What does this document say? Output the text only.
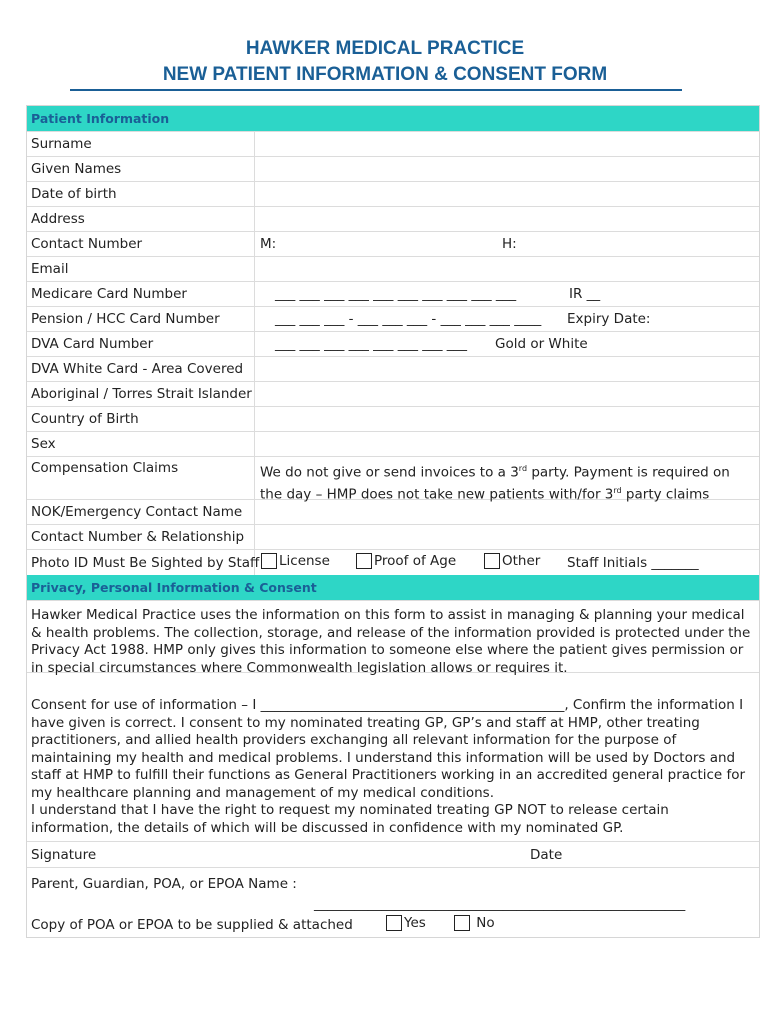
HAWKER MEDICAL PRACTICE
NEW PATIENT INFORMATION & CONSENT FORM
Patient Information
Surname
Given Names
Date of birth
Address
Contact Number	M:	H:
Email
Medicare Card Number	___ ___ ___ ___ ___ ___ ___ ___ ___ ___	IR __
Pension / HCC Card Number	___ ___ ___ - ___ ___ ___ - ___ ___ ___ ____ Expiry Date:
DVA Card Number	___ ___ ___ ___ ___ ___ ___ ___ Gold or White
DVA White Card - Area Covered
Aboriginal / Torres Strait Islander
Country of Birth
Sex
Compensation Claims	We do not give or send invoices to a 3rd party. Payment is required on the day – HMP does not take new patients with/for 3rd party claims
NOK/Emergency Contact Name
Contact Number & Relationship
Photo ID Must Be Sighted by Staff	License	Proof of Age	Other Staff Initials _______
Privacy, Personal Information & Consent
Hawker Medical Practice uses the information on this form to assist in managing & planning your medical & health problems. The collection, storage, and release of the information provided is protected under the Privacy Act 1988. HMP only gives this information to someone else where the patient gives permission or in special circumstances where Commonwealth legislation allows or requires it.
Consent for use of information – I _____________________________________________, Confirm the information I have given is correct. I consent to my nominated treating GP, GP’s and staff at HMP, other treating practitioners, and allied health providers exchanging all relevant information for the purpose of maintaining my health and medical problems. I understand this information will be used by Doctors and staff at HMP to fulfill their functions as General Practitioners working in an accredited general practice for my healthcare planning and management of my medical conditions.
I understand that I have the right to request my nominated treating GP NOT to release certain information, the details of which will be discussed in confidence with my nominated GP.
Signature	Date
Parent, Guardian, POA, or EPOA Name :
_______________________________________________________
Copy of POA or EPOA to be supplied & attached	Yes	No
